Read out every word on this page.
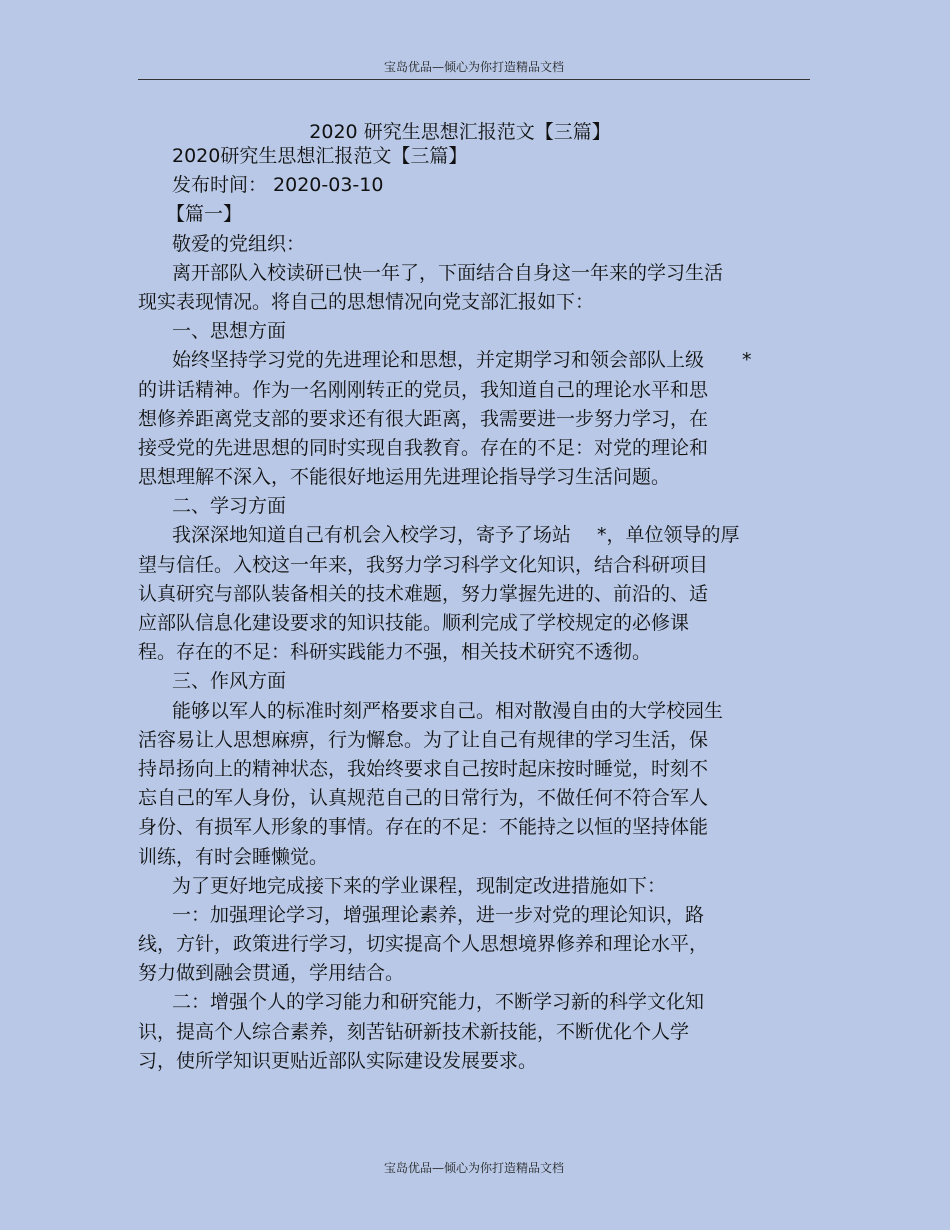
宝岛优品—倾心为你打造精品文档
2020 研究生思想汇报范文【三篇】
2020研究生思想汇报范文【三篇】
发布时间： 2020-03-10
【篇一】
敬爱的党组织：
离开部队入校读研已快一年了，下面结合自身这一年来的学习生活
现实表现情况。将自己的思想情况向党支部汇报如下：
一、思想方面
始终坚持学习党的先进理论和思想，并定期学习和领会部队上级 *
的讲话精神。作为一名刚刚转正的党员，我知道自己的理论水平和思
想修养距离党支部的要求还有很大距离，我需要进一步努力学习，在
接受党的先进思想的同时实现自我教育。存在的不足：对党的理论和
思想理解不深入，不能很好地运用先进理论指导学习生活问题。
二、学习方面
我深深地知道自己有机会入校学习，寄予了场站 *，单位领导的厚
望与信任。入校这一年来，我努力学习科学文化知识，结合科研项目
认真研究与部队装备相关的技术难题，努力掌握先进的、前沿的、适
应部队信息化建设要求的知识技能。顺利完成了学校规定的必修课
程。存在的不足：科研实践能力不强，相关技术研究不透彻。
三、作风方面
能够以军人的标准时刻严格要求自己。相对散漫自由的大学校园生
活容易让人思想麻痹，行为懈怠。为了让自己有规律的学习生活，保
持昂扬向上的精神状态，我始终要求自己按时起床按时睡觉，时刻不
忘自己的军人身份，认真规范自己的日常行为，不做任何不符合军人
身份、有损军人形象的事情。存在的不足：不能持之以恒的坚持体能
训练，有时会睡懒觉。
为了更好地完成接下来的学业课程，现制定改进措施如下：
一：加强理论学习，增强理论素养，进一步对党的理论知识，路
线，方针，政策进行学习，切实提高个人思想境界修养和理论水平，
努力做到融会贯通，学用结合。
二：增强个人的学习能力和研究能力，不断学习新的科学文化知
识，提高个人综合素养，刻苦钻研新技术新技能，不断优化个人学
习，使所学知识更贴近部队实际建设发展要求。
宝岛优品—倾心为你打造精品文档
